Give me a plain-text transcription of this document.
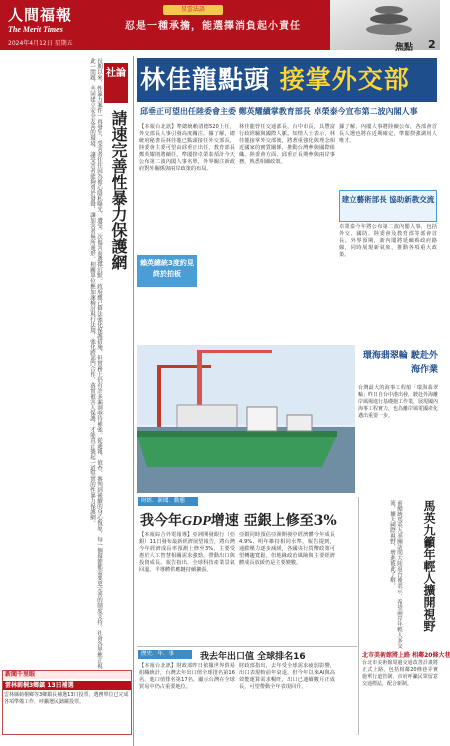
人間福報
The Merit Times
2024年4月12日 星期五
星雲法語
忍是一種承擔，能選擇消負起小責任
焦點 2
社論
請速完善性暴力保護網
長期以來，性暴力案件一再發生，受害者往往因為擔心隱私曝光、遭受二次傷害而選擇沉默。政府雖已修法強化保護措施，但實務上仍有許多漏洞亟待補強。從通報、偵查、審判到後續的身心復原，每一個環節都需要更完善的制度支持。社會各界應正視此一問題，共同建立安全友善的環境，讓受害者能夠勇於發聲，讓加害者無所遁形。相關單位應加速檢討現行法規，強化跨部門合作，落實被害人保護，才能真正築起一道堅實的性暴力保護網。
新聞千里眼
雲林莿桐3鄉鎮 13日補選
雲林縣莿桐鄉等3鄉鎮長補選13日投票，選務單位已完成各項準備工作，呼籲選民踴躍投票。
林佳龍點頭 接掌外交部
邱垂正可望出任陸委會主委 鄭英耀續掌教育部長 卓榮泰今宣布第二波內閣人事
【本報台北訊】準總統賴清德520上任，外交部長人事引發高度關注。據了解，總統府秘書長林佳龍已點頭接任外交部長，陸委會主委可望由邱垂正出任，教育部長鄭英耀則將續任。準閣揆卓榮泰預計今天公布第二波內閣人事名單，外界關注新政府對外關係與兩岸政策的布局。
林佳龍曾任交通部長、台中市長，具豐富行政經驗與國際人脈。知情人士表示，林佳龍接掌外交部後，將著重強化與理念相近國家的實質關係，推動台灣參與國際組織。陸委會方面，邱垂正長期參與兩岸事務，熟悉相關政策。
據了解，內閣人事將陸續公布，各部會首長人選也將在近期確定，準閣揆強調用人唯才。
卓榮泰今年將公布第二波內閣人事，包括外交、國防、陸委會及教育部等部會首長。外界預期，新內閣將延續蔡政府路線，同時展現新氣象，推動各項重大政策。
賴英總統3度約見 終於拍板
建立藝術部長 協助新教交流
環海翡翠輪 駛赴外海作業
台灣最大的海事工程船「環海翡翠輪」昨日自台中港出發，駛赴外海離岸風場進行基礎施工作業，展現國內海事工程實力，也為離岸風電國產化邁出重要一步。
財經．新聞．動態
我今年GDP增速 亞銀上修至3%
【本報綜合外電報導】亞洲開發銀行（亞銀）11日發布最新經濟展望報告，將台灣今年經濟成長率預測上修至3%，主要受惠於人工智慧相關需求強勁，帶動出口與投資成長。報告指出，全球科技產業景氣回溫，半導體供應鏈持續擴張。
亞銀同時預估亞洲開發中經濟體今年成長4.9%，明年維持相同水準。報告提到，通膨壓力逐步減緩，各國央行貨幣政策可望轉趨寬鬆，但地緣政治風險與主要經濟體成長放緩仍是主要變數。
歷史．年．事	我去年出口值 全球排名16
【本報台北訊】財政部昨日依據世界貿易組織統計，台灣去年出口值全球排名第16名，進口值排名第17名，顯示台灣在全球貿易中仍占重要地位。
財政部指出，去年受全球需求疲弱影響，出口表現較前年衰退，但今年以來AI與高效能運算需求暢旺，出口已連續數月正成長，可望帶動全年表現回升。
馬英九籲年輕人擴開視野
前總統馬英九率團訪問大陸返台後表示，希望兩岸年輕人多交流，擴大國際視野，增進彼此了解。
北市美術館將上路 相鄰20條大巷
台北市美術館周邊交通改善計畫將正式上路，包括相鄰20條巷弄實施單行道管制，市府呼籲民眾留意交通標誌，配合新制。
